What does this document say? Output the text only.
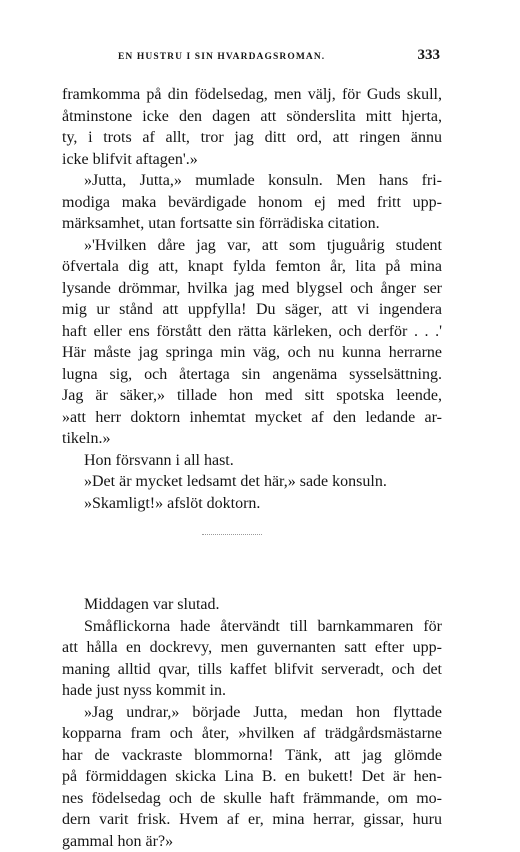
EN HUSTRU I SIN HVARDAGSROMAN.	333
framkomma på din födelsedag, men välj, för Guds skull,
åtminstone icke den dagen att sönderslita mitt hjerta,
ty, i trots af allt, tror jag ditt ord, att ringen ännu
icke blifvit aftagen'.»
»Jutta, Jutta,» mumlade konsuln. Men hans fri-
modiga maka bevärdigade honom ej med fritt upp-
märksamhet, utan fortsatte sin förrädiska citation.
»'Hvilken dåre jag var, att som tjuguårig student
öfvertala dig att, knapt fylda femton år, lita på mina
lysande drömmar, hvilka jag med blygsel och ånger ser
mig ur stånd att uppfylla! Du säger, att vi ingendera
haft eller ens förstått den rätta kärleken, och derför . . .'
Här måste jag springa min väg, och nu kunna herrarne
lugna sig, och återtaga sin angenäma sysselsättning.
Jag är säker,» tillade hon med sitt spotska leende,
»att herr doktorn inhemtat mycket af den ledande ar-
tikeln.»
Hon försvann i all hast.
»Det är mycket ledsamt det här,» sade konsuln.
»Skamligt!» afslöt doktorn.
Middagen var slutad.
Småflickorna hade återvändt till barnkammaren för
att hålla en dockrevy, men guvernanten satt efter upp-
maning alltid qvar, tills kaffet blifvit serveradt, och det
hade just nyss kommit in.
»Jag undrar,» började Jutta, medan hon flyttade
kopparna fram och åter, »hvilken af trädgårdsmästarne
har de vackraste blommorna! Tänk, att jag glömde
på förmiddagen skicka Lina B. en bukett! Det är hen-
nes födelsedag och de skulle haft främmande, om mo-
dern varit frisk. Hvem af er, mina herrar, gissar, huru
gammal hon är?»
